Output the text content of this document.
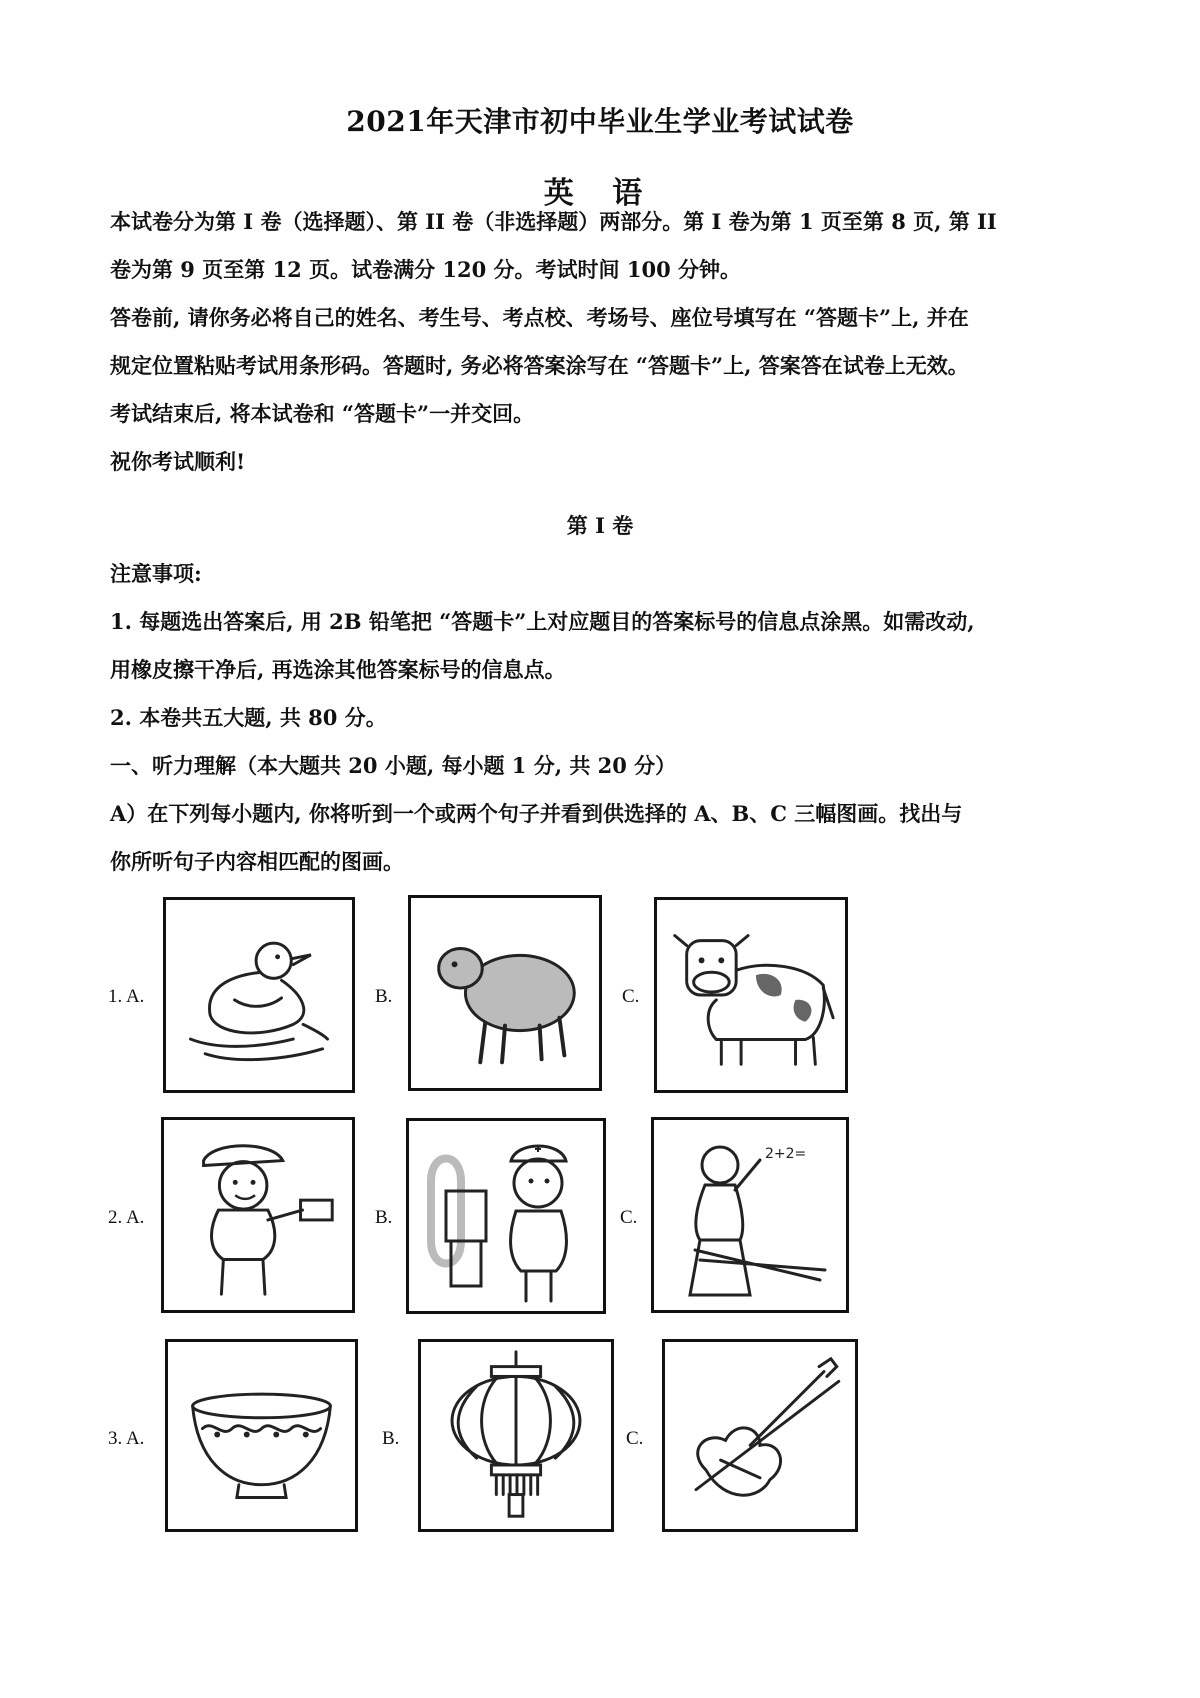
2021年天津市初中毕业生学业考试试卷
英 语
本试卷分为第 I 卷（选择题）、第 II 卷（非选择题）两部分。第 I 卷为第 1 页至第 8 页, 第 II
卷为第 9 页至第 12 页。试卷满分 120 分。考试时间 100 分钟。
答卷前, 请你务必将自己的姓名、考生号、考点校、考场号、座位号填写在 “答题卡”上, 并在
规定位置粘贴考试用条形码。答题时, 务必将答案涂写在 “答题卡”上, 答案答在试卷上无效。
考试结束后, 将本试卷和 “答题卡”一并交回。
祝你考试顺利!
第 I 卷
注意事项:
1. 每题选出答案后, 用 2B 铅笔把 “答题卡”上对应题目的答案标号的信息点涂黑。如需改动,
用橡皮擦干净后, 再选涂其他答案标号的信息点。
2. 本卷共五大题, 共 80 分。
一、听力理解（本大题共 20 小题, 每小题 1 分, 共 20 分）
A）在下列每小题内, 你将听到一个或两个句子并看到供选择的 A、B、C 三幅图画。找出与
你所听句子内容相匹配的图画。
1. A.	B.	C.
2. A.	B.	C.
2+2=
3. A.	B.	C.
